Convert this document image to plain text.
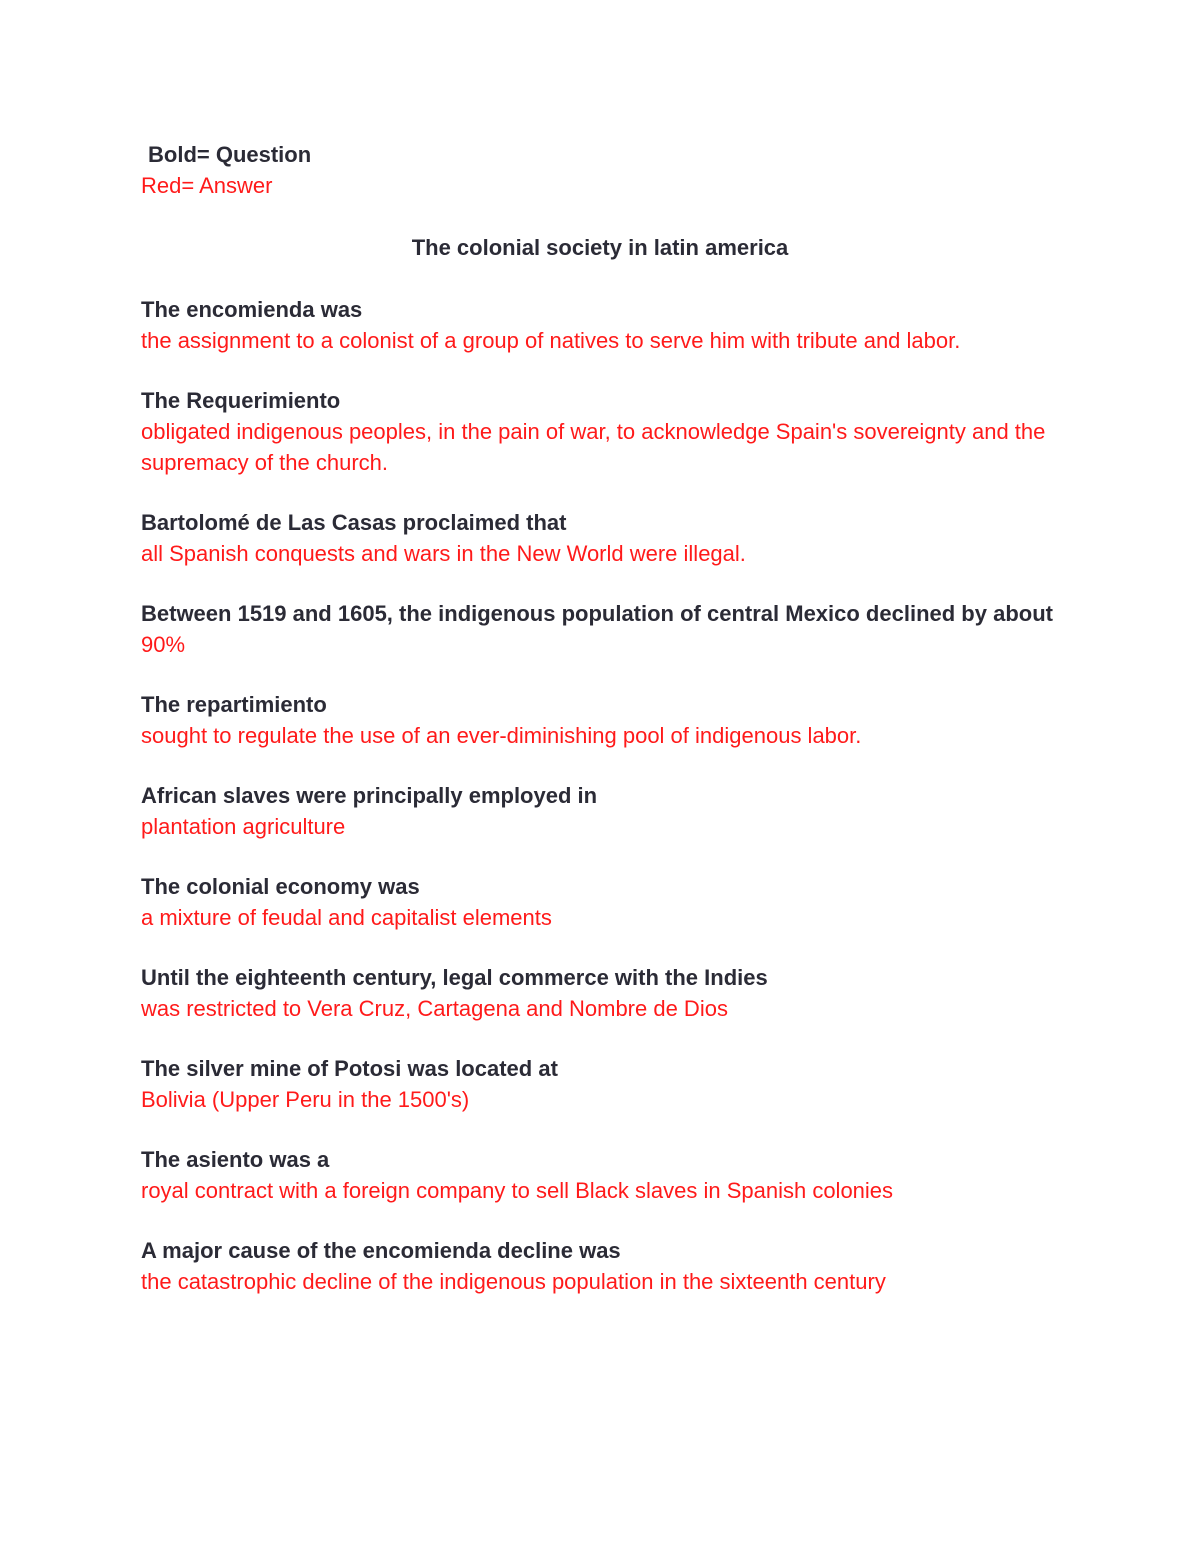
Bold= Question

Red= Answer

The colonial society in latin america

The encomienda was

the assignment to a colonist of a group of natives to serve him with tribute and labor.

The Requerimiento

obligated indigenous peoples, in the pain of war, to acknowledge Spain's sovereignty and the supremacy of the church.

Bartolomé de Las Casas proclaimed that

all Spanish conquests and wars in the New World were illegal.

Between 1519 and 1605, the indigenous population of central Mexico declined by about

90%

The repartimiento

sought to regulate the use of an ever-diminishing pool of indigenous labor.

African slaves were principally employed in

plantation agriculture

The colonial economy was

a mixture of feudal and capitalist elements

Until the eighteenth century, legal commerce with the Indies

was restricted to Vera Cruz, Cartagena and Nombre de Dios

The silver mine of Potosi was located at

Bolivia (Upper Peru in the 1500's)

The asiento was a

royal contract with a foreign company to sell Black slaves in Spanish colonies

A major cause of the encomienda decline was

the catastrophic decline of the indigenous population in the sixteenth century
